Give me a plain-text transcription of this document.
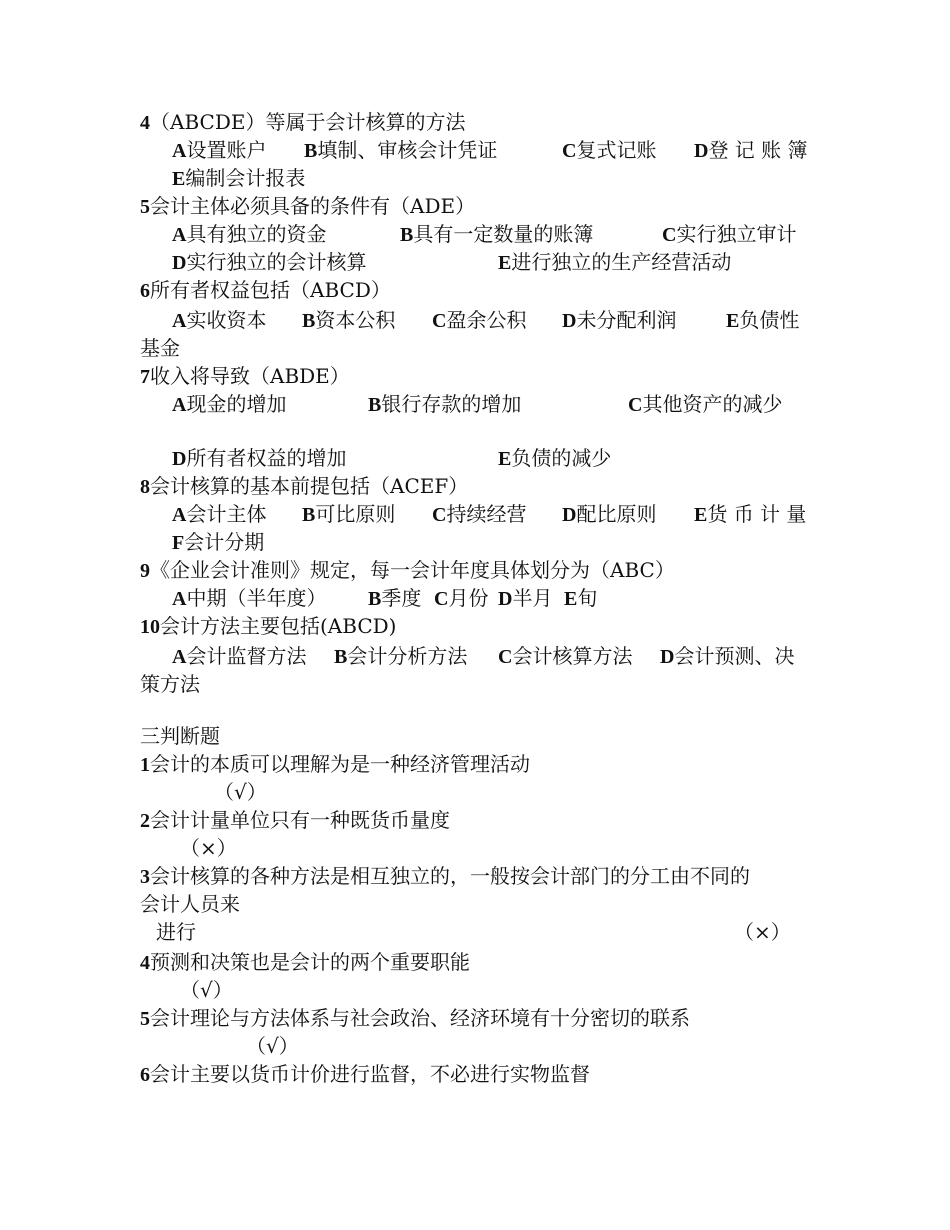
4（ABCDE）等属于会计核算的方法
A设置账户 B填制、审核会计凭证	C复式记账 D登 记 账 簿
E编制会计报表
5会计主体必须具备的条件有（ADE）
A具有独立的资金	B具有一定数量的账簿	C实行独立审计
D实行独立的会计核算	E进行独立的生产经营活动
6所有者权益包括（ABCD）
A实收资本 B资本公积 C盈余公积 D未分配利润 E负债性
基金
7收入将导致（ABDE）
A现金的增加	B银行存款的增加	C其他资产的减少
D所有者权益的增加	E负债的减少
8会计核算的基本前提包括（ACEF）
A会计主体 B可比原则 C持续经营 D配比原则 E货 币 计 量
F会计分期
9《企业会计准则》规定，每一会计年度具体划分为（ABC）
A中期（半年度） B季度 C月份 D半月 E旬
10会计方法主要包括(ABCD)
A会计监督方法 B会计分析方法 C会计核算方法 D会计预测、决
策方法
三判断题
1会计的本质可以理解为是一种经济管理活动
（√）
2会计计量单位只有一种既货币量度
（×）
3会计核算的各种方法是相互独立的，一般按会计部门的分工由不同的
会计人员来
进行	（×）
4预测和决策也是会计的两个重要职能
（√）
5会计理论与方法体系与社会政治、经济环境有十分密切的联系
（√）
6会计主要以货币计价进行监督，不必进行实物监督
